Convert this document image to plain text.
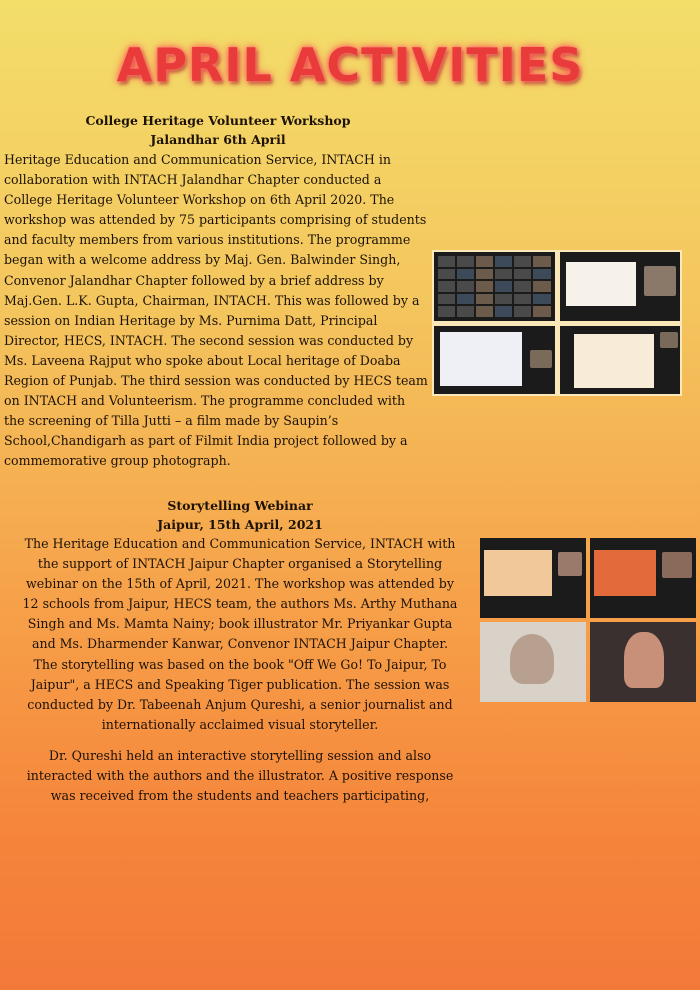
APRIL ACTIVITIES
College Heritage Volunteer Workshop
Jalandhar 6th April
Heritage Education and Communication Service, INTACH in collaboration with INTACH Jalandhar Chapter conducted a College Heritage Volunteer Workshop on 6th April 2020. The workshop was attended by 75 participants comprising of students and faculty members from various institutions. The programme began with a welcome address by Maj. Gen. Balwinder Singh, Convenor Jalandhar Chapter followed by a brief address by Maj.Gen. L.K. Gupta, Chairman, INTACH. This was followed by a session on Indian Heritage by Ms. Purnima Datt, Principal Director, HECS, INTACH. The second session was conducted by Ms. Laveena Rajput who spoke about Local heritage of Doaba Region of Punjab. The third session was conducted by HECS team on INTACH and Volunteerism. The programme concluded with the screening of Tilla Jutti – a film made by Saupin’s School,Chandigarh as part of Filmit India project followed by a commemorative group photograph.
Storytelling Webinar
Jaipur, 15th April, 2021
The Heritage Education and Communication Service, INTACH with the support of INTACH Jaipur Chapter organised a Storytelling webinar on the 15th of April, 2021. The workshop was attended by 12 schools from Jaipur, HECS team, the authors Ms. Arthy Muthana Singh and Ms. Mamta Nainy; book illustrator Mr. Priyankar Gupta and Ms. Dharmender Kanwar, Convenor INTACH Jaipur Chapter. The storytelling was based on the book "Off We Go! To Jaipur, To Jaipur", a HECS and Speaking Tiger publication. The session was conducted by Dr. Tabeenah Anjum Qureshi, a senior journalist and internationally acclaimed visual storyteller.
Dr. Qureshi held an interactive storytelling session and also interacted with the authors and the illustrator. A positive response was received from the students and teachers participating,
